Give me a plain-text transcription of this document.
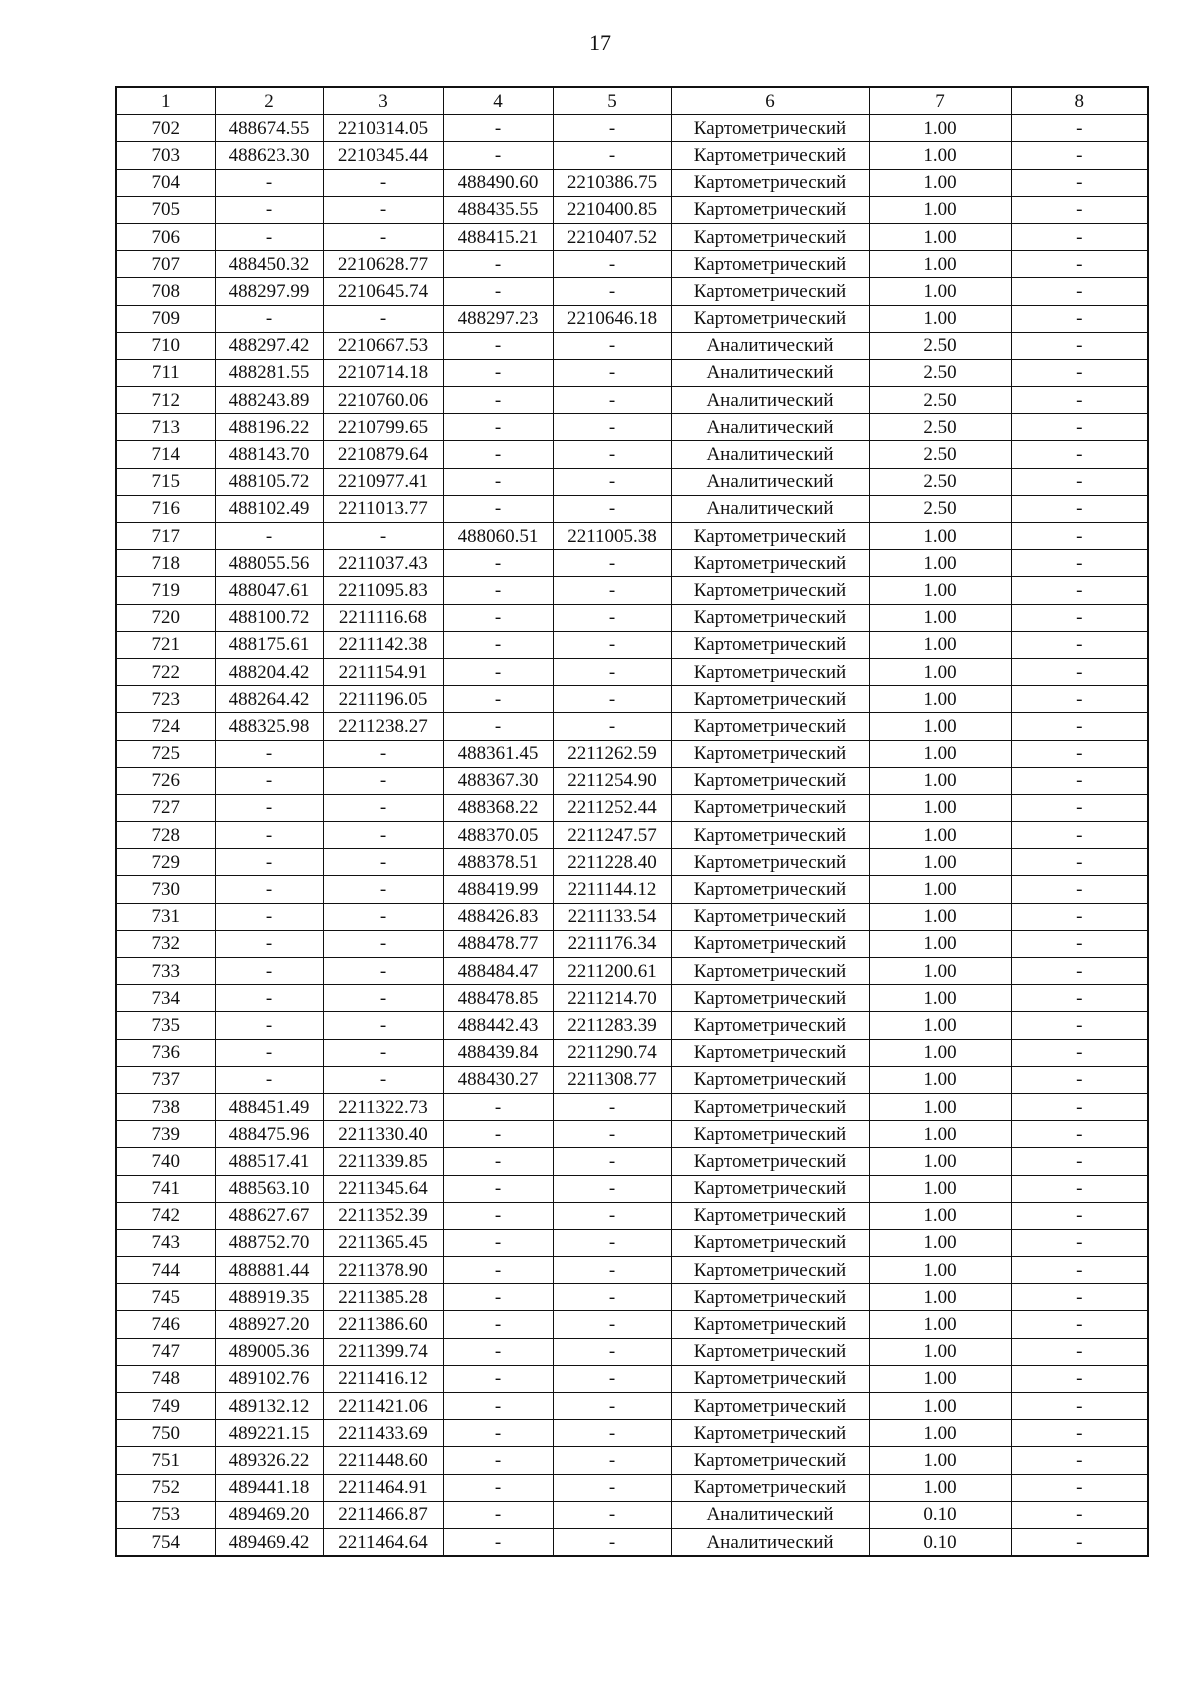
17
1	2	3	4	5	6	7	8
702	488674.55	2210314.05	-	-	Картометрический	1.00	-
703	488623.30	2210345.44	-	-	Картометрический	1.00	-
704	-	-	488490.60	2210386.75	Картометрический	1.00	-
705	-	-	488435.55	2210400.85	Картометрический	1.00	-
706	-	-	488415.21	2210407.52	Картометрический	1.00	-
707	488450.32	2210628.77	-	-	Картометрический	1.00	-
708	488297.99	2210645.74	-	-	Картометрический	1.00	-
709	-	-	488297.23	2210646.18	Картометрический	1.00	-
710	488297.42	2210667.53	-	-	Аналитический	2.50	-
711	488281.55	2210714.18	-	-	Аналитический	2.50	-
712	488243.89	2210760.06	-	-	Аналитический	2.50	-
713	488196.22	2210799.65	-	-	Аналитический	2.50	-
714	488143.70	2210879.64	-	-	Аналитический	2.50	-
715	488105.72	2210977.41	-	-	Аналитический	2.50	-
716	488102.49	2211013.77	-	-	Аналитический	2.50	-
717	-	-	488060.51	2211005.38	Картометрический	1.00	-
718	488055.56	2211037.43	-	-	Картометрический	1.00	-
719	488047.61	2211095.83	-	-	Картометрический	1.00	-
720	488100.72	2211116.68	-	-	Картометрический	1.00	-
721	488175.61	2211142.38	-	-	Картометрический	1.00	-
722	488204.42	2211154.91	-	-	Картометрический	1.00	-
723	488264.42	2211196.05	-	-	Картометрический	1.00	-
724	488325.98	2211238.27	-	-	Картометрический	1.00	-
725	-	-	488361.45	2211262.59	Картометрический	1.00	-
726	-	-	488367.30	2211254.90	Картометрический	1.00	-
727	-	-	488368.22	2211252.44	Картометрический	1.00	-
728	-	-	488370.05	2211247.57	Картометрический	1.00	-
729	-	-	488378.51	2211228.40	Картометрический	1.00	-
730	-	-	488419.99	2211144.12	Картометрический	1.00	-
731	-	-	488426.83	2211133.54	Картометрический	1.00	-
732	-	-	488478.77	2211176.34	Картометрический	1.00	-
733	-	-	488484.47	2211200.61	Картометрический	1.00	-
734	-	-	488478.85	2211214.70	Картометрический	1.00	-
735	-	-	488442.43	2211283.39	Картометрический	1.00	-
736	-	-	488439.84	2211290.74	Картометрический	1.00	-
737	-	-	488430.27	2211308.77	Картометрический	1.00	-
738	488451.49	2211322.73	-	-	Картометрический	1.00	-
739	488475.96	2211330.40	-	-	Картометрический	1.00	-
740	488517.41	2211339.85	-	-	Картометрический	1.00	-
741	488563.10	2211345.64	-	-	Картометрический	1.00	-
742	488627.67	2211352.39	-	-	Картометрический	1.00	-
743	488752.70	2211365.45	-	-	Картометрический	1.00	-
744	488881.44	2211378.90	-	-	Картометрический	1.00	-
745	488919.35	2211385.28	-	-	Картометрический	1.00	-
746	488927.20	2211386.60	-	-	Картометрический	1.00	-
747	489005.36	2211399.74	-	-	Картометрический	1.00	-
748	489102.76	2211416.12	-	-	Картометрический	1.00	-
749	489132.12	2211421.06	-	-	Картометрический	1.00	-
750	489221.15	2211433.69	-	-	Картометрический	1.00	-
751	489326.22	2211448.60	-	-	Картометрический	1.00	-
752	489441.18	2211464.91	-	-	Картометрический	1.00	-
753	489469.20	2211466.87	-	-	Аналитический	0.10	-
754	489469.42	2211464.64	-	-	Аналитический	0.10	-
